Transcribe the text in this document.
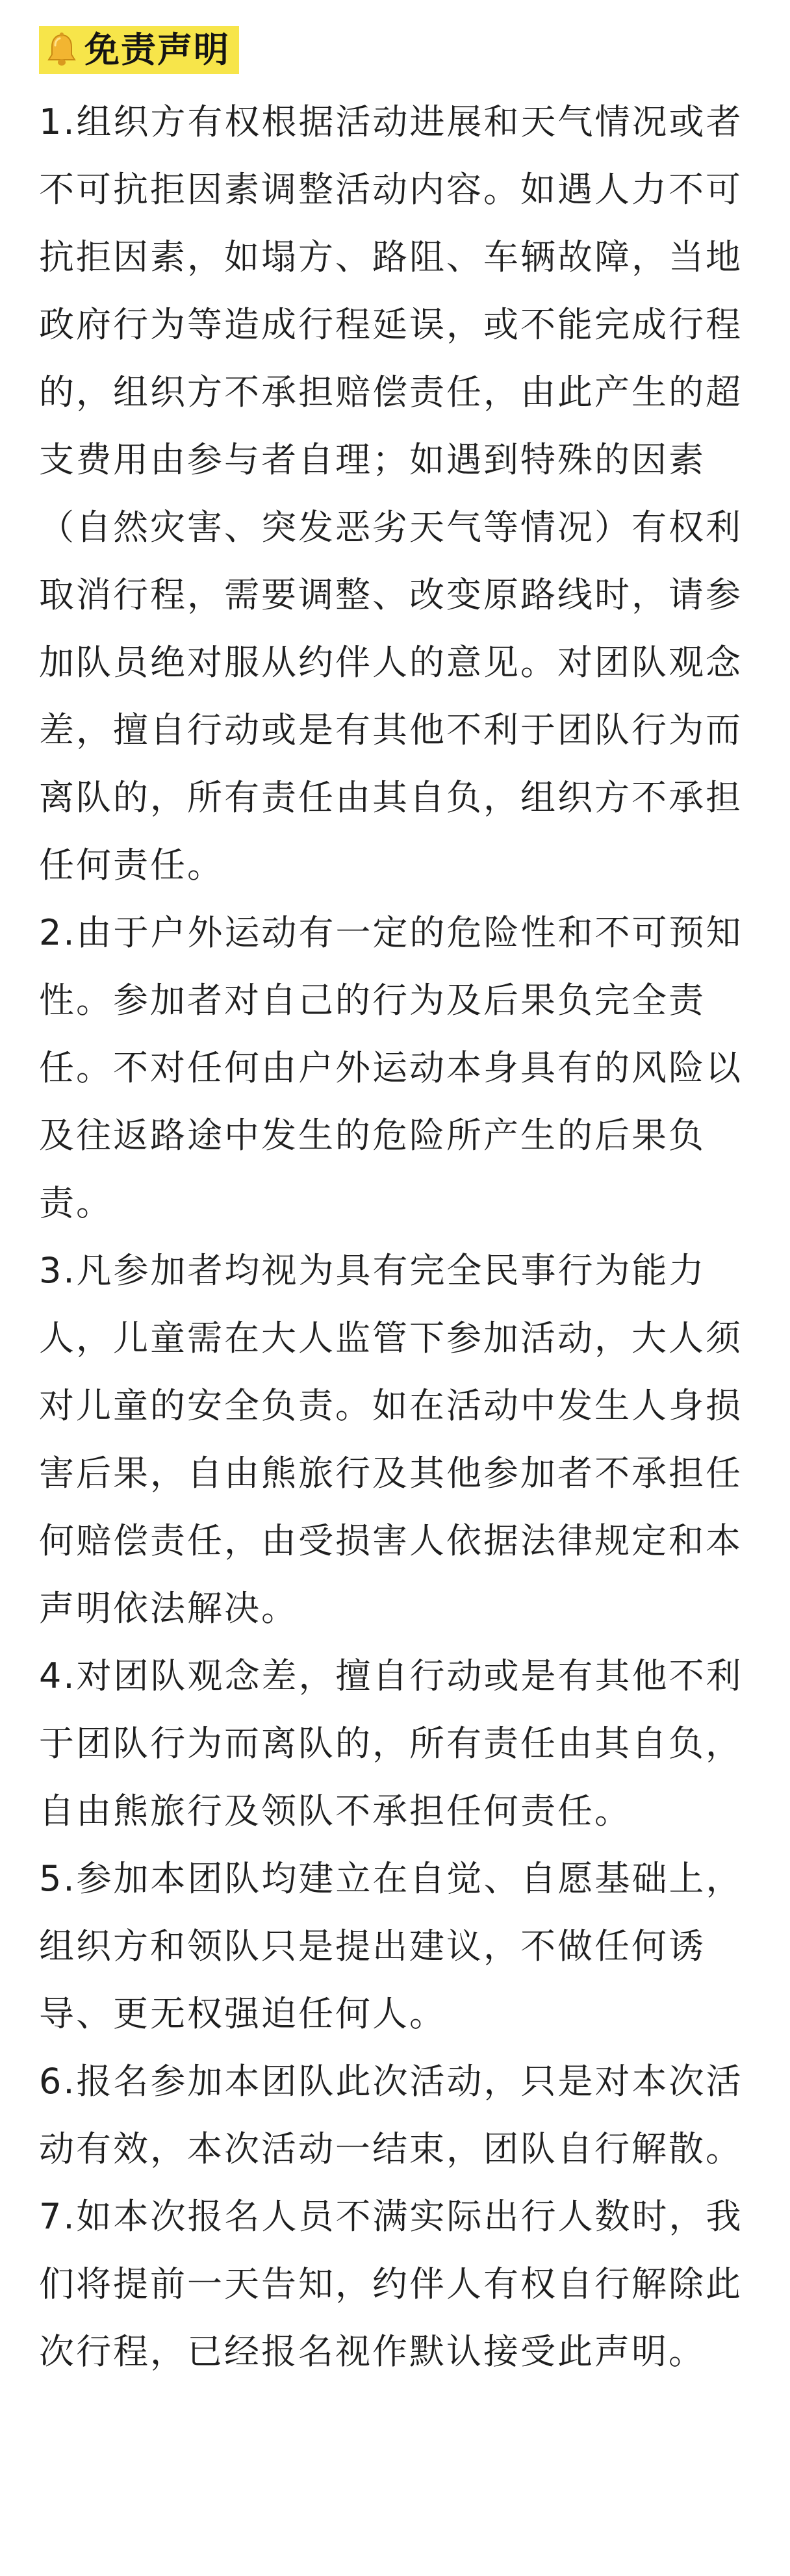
免责声明

1.组织方有权根据活动进展和天气情况或者不可抗拒因素调整活动内容。如遇人力不可抗拒因素，如塌方、路阻、车辆故障，当地政府行为等造成行程延误，或不能完成行程的，组织方不承担赔偿责任，由此产生的超支费用由参与者自理；如遇到特殊的因素（自然灾害、突发恶劣天气等情况）有权利取消行程，需要调整、改变原路线时，请参加队员绝对服从约伴人的意见。对团队观念差，擅自行动或是有其他不利于团队行为而离队的，所有责任由其自负，组织方不承担任何责任。

2.由于户外运动有一定的危险性和不可预知性。参加者对自己的行为及后果负完全责任。不对任何由户外运动本身具有的风险以及往返路途中发生的危险所产生的后果负责。

3.凡参加者均视为具有完全民事行为能力人，儿童需在大人监管下参加活动，大人须对儿童的安全负责。如在活动中发生人身损害后果，自由熊旅行及其他参加者不承担任何赔偿责任，由受损害人依据法律规定和本声明依法解决。

4.对团队观念差，擅自行动或是有其他不利于团队行为而离队的，所有责任由其自负，自由熊旅行及领队不承担任何责任。

5.参加本团队均建立在自觉、自愿基础上，组织方和领队只是提出建议，不做任何诱导、更无权强迫任何人。

6.报名参加本团队此次活动，只是对本次活动有效，本次活动一结束，团队自行解散。

7.如本次报名人员不满实际出行人数时，我们将提前一天告知，约伴人有权自行解除此次行程，已经报名视作默认接受此声明。
